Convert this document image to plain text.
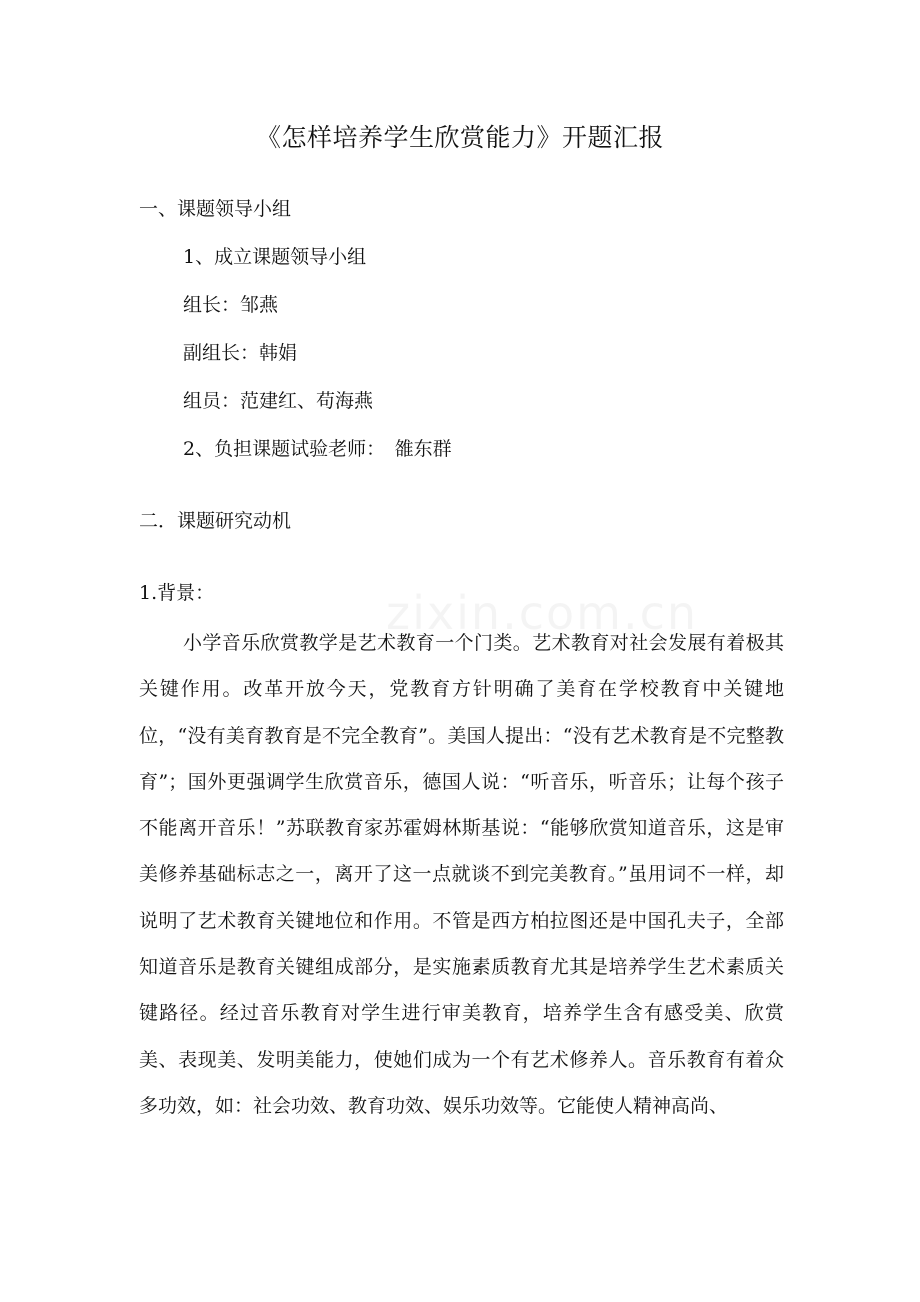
《怎样培养学生欣赏能力》开题汇报

一、课题领导小组

1、成立课题领导小组

组长：邹燕

副组长：韩娟

组员：范建红、苟海燕

2、负担课题试验老师：　雒东群

二．课题研究动机

1.背景：

小学音乐欣赏教学是艺术教育一个门类。艺术教育对社会发展有着极其关键作用。改革开放今天，党教育方针明确了美育在学校教育中关键地位，“没有美育教育是不完全教育”。美国人提出：“没有艺术教育是不完整教育”；国外更强调学生欣赏音乐，德国人说：“听音乐，听音乐；让每个孩子不能离开音乐！”苏联教育家苏霍姆林斯基说：“能够欣赏知道音乐，这是审美修养基础标志之一，离开了这一点就谈不到完美教育。”虽用词不一样，却说明了艺术教育关键地位和作用。不管是西方柏拉图还是中国孔夫子，全部知道音乐是教育关键组成部分，是实施素质教育尤其是培养学生艺术素质关键路径。经过音乐教育对学生进行审美教育，培养学生含有感受美、欣赏美、表现美、发明美能力，使她们成为一个有艺术修养人。音乐教育有着众多功效，如：社会功效、教育功效、娱乐功效等。它能使人精神高尚、
